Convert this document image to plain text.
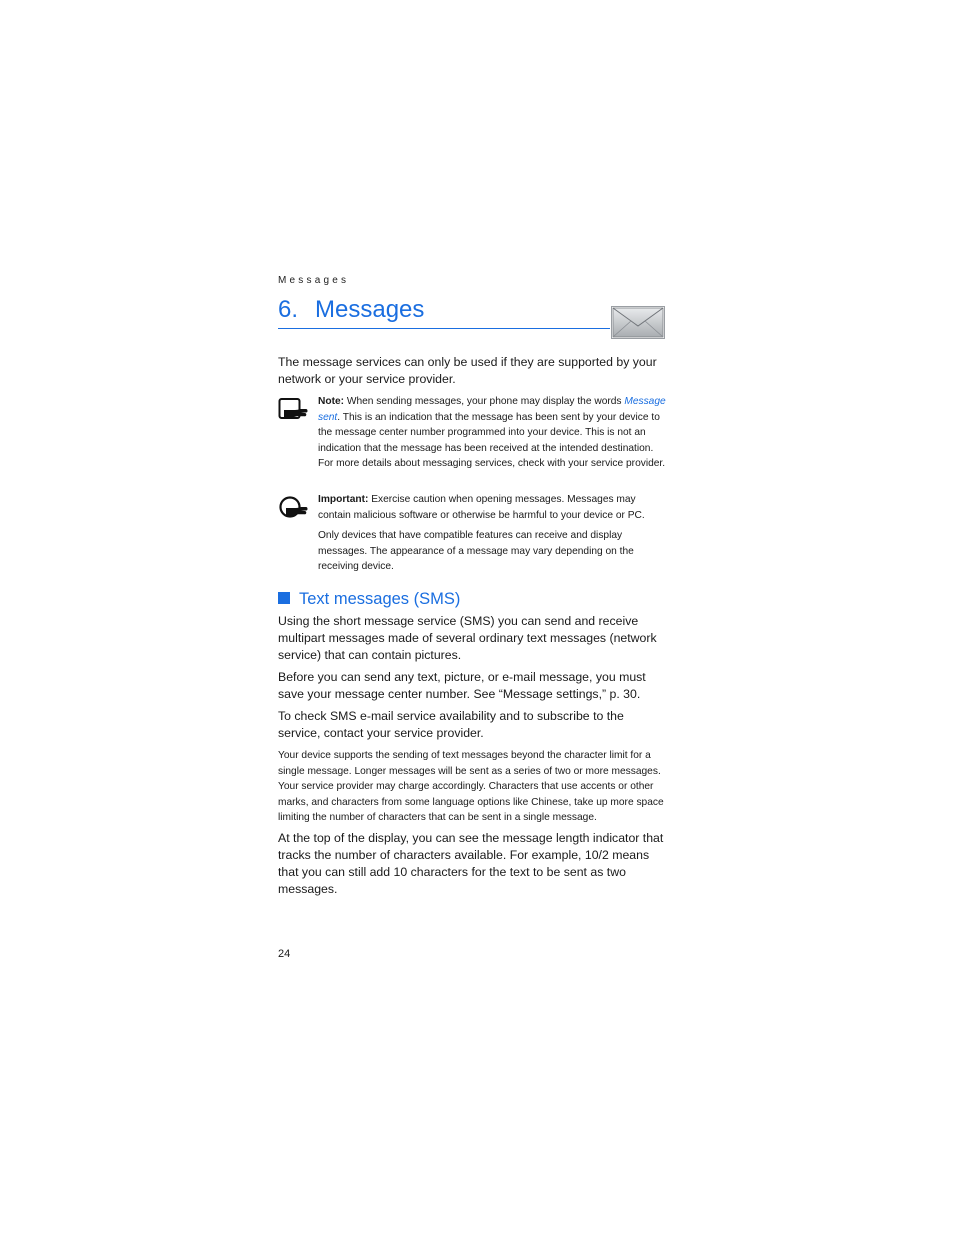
Messages
6. Messages
The message services can only be used if they are supported by your network or your service provider.
Note: When sending messages, your phone may display the words Message sent. This is an indication that the message has been sent by your device to the message center number programmed into your device. This is not an indication that the message has been received at the intended destination. For more details about messaging services, check with your service provider.
Important: Exercise caution when opening messages. Messages may contain malicious software or otherwise be harmful to your device or PC.
Only devices that have compatible features can receive and display messages. The appearance of a message may vary depending on the receiving device.
Text messages (SMS)
Using the short message service (SMS) you can send and receive multipart messages made of several ordinary text messages (network service) that can contain pictures.
Before you can send any text, picture, or e-mail message, you must save your message center number. See “Message settings,” p. 30.
To check SMS e-mail service availability and to subscribe to the service, contact your service provider.
Your device supports the sending of text messages beyond the character limit for a single message. Longer messages will be sent as a series of two or more messages. Your service provider may charge accordingly. Characters that use accents or other marks, and characters from some language options like Chinese, take up more space limiting the number of characters that can be sent in a single message.
At the top of the display, you can see the message length indicator that tracks the number of characters available. For example, 10/2 means that you can still add 10 characters for the text to be sent as two messages.
24
